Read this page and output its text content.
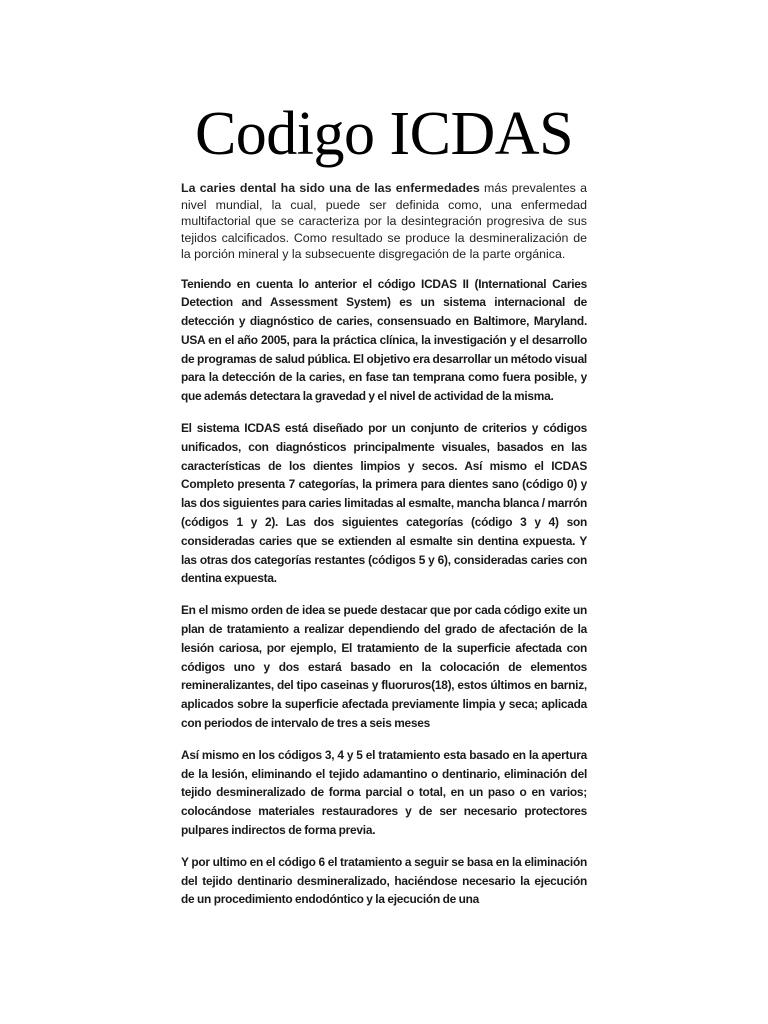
Codigo ICDAS

La caries dental ha sido una de las enfermedades más prevalentes a nivel mundial, la cual, puede ser definida como, una enfermedad multifactorial que se caracteriza por la desintegración progresiva de sus tejidos calcificados. Como resultado se produce la desmineralización de la porción mineral y la subsecuente disgregación de la parte orgánica.

Teniendo en cuenta lo anterior el código ICDAS II (International Caries Detection and Assessment System) es un sistema internacional de detección y diagnóstico de caries, consensuado en Baltimore, Maryland. USA en el año 2005, para la práctica clínica, la investigación y el desarrollo de programas de salud pública. El objetivo era desarrollar un método visual para la detección de la caries, en fase tan temprana como fuera posible, y que además detectara la gravedad y el nivel de actividad de la misma.

El sistema ICDAS está diseñado por un conjunto de criterios y códigos unificados, con diagnósticos principalmente visuales, basados en las características de los dientes limpios y secos. Así mismo el ICDAS Completo presenta 7 categorías, la primera para dientes sano (código 0) y las dos siguientes para caries limitadas al esmalte, mancha blanca / marrón (códigos 1 y 2). Las dos siguientes categorías (código 3 y 4) son consideradas caries que se extienden al esmalte sin dentina expuesta. Y las otras dos categorías restantes (códigos 5 y 6), consideradas caries con dentina expuesta.

En el mismo orden de idea se puede destacar que por cada código exite un plan de tratamiento a realizar dependiendo del grado de afectación de la lesión cariosa, por ejemplo, El tratamiento de la superficie afectada con códigos uno y dos estará basado en la colocación de elementos remineralizantes, del tipo caseinas y fluoruros(18), estos últimos en barniz, aplicados sobre la superficie afectada previamente limpia y seca; aplicada con periodos de intervalo de tres a seis meses

Así mismo en los códigos 3, 4 y 5 el tratamiento esta basado en la apertura de la lesión, eliminando el tejido adamantino o dentinario, eliminación del tejido desmineralizado de forma parcial o total, en un paso o en varios; colocándose materiales restauradores y de ser necesario protectores pulpares indirectos de forma previa.

Y por ultimo en el código 6 el tratamiento a seguir se basa en la eliminación del tejido dentinario desmineralizado, haciéndose necesario la ejecución de un procedimiento endodóntico y la ejecución de una
